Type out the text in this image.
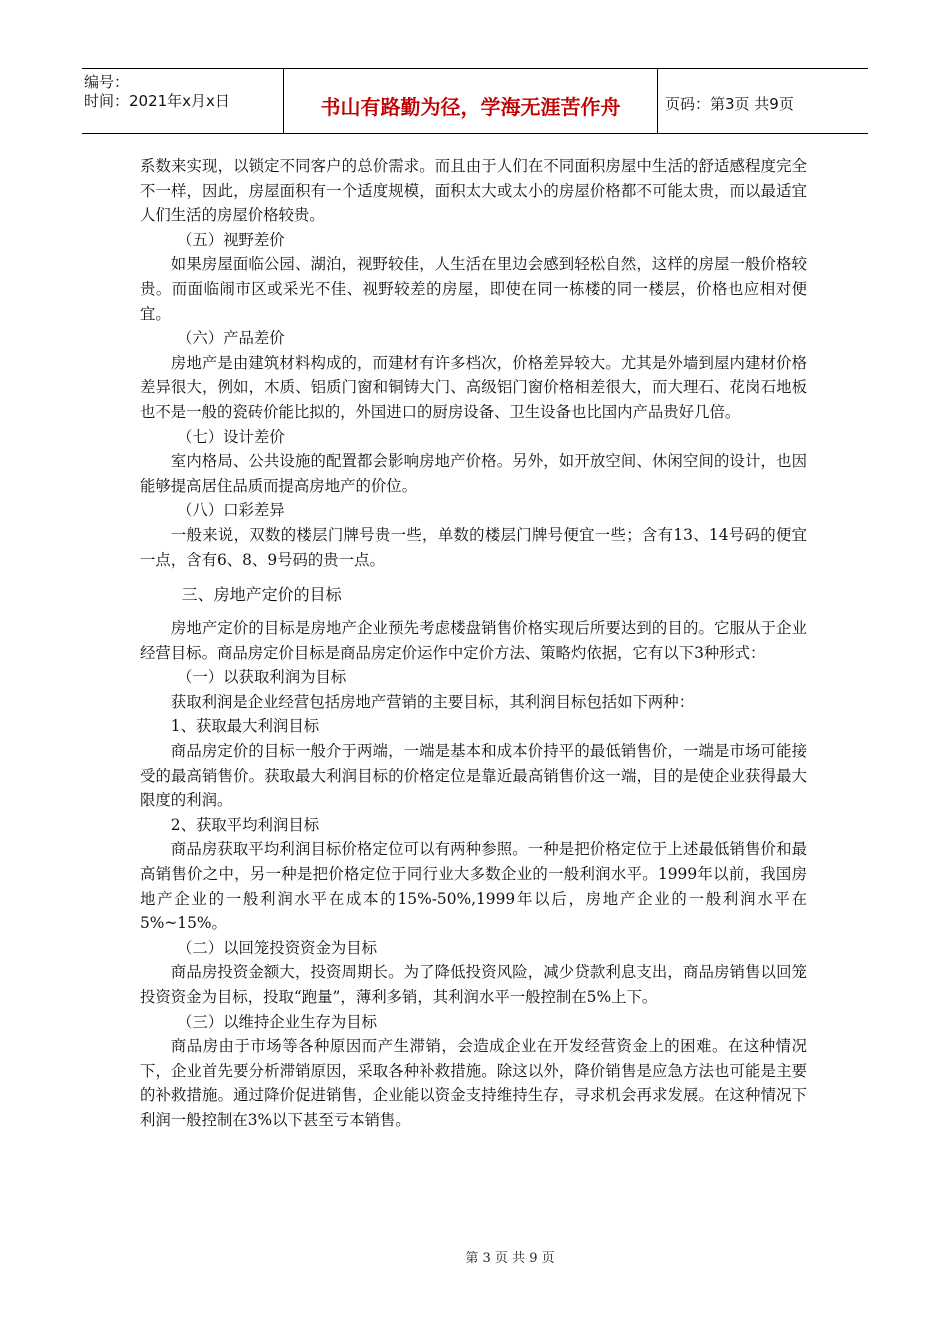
编号：
时间：2021年x月x日	书山有路勤为径，学海无涯苦作舟	页码：第3页 共9页

系数来实现，以锁定不同客户的总价需求。而且由于人们在不同面积房屋中生活的舒适感程度完全不一样，因此，房屋面积有一个适度规模，面积太大或太小的房屋价格都不可能太贵，而以最适宜人们生活的房屋价格较贵。

（五）视野差价

如果房屋面临公园、湖泊，视野较佳，人生活在里边会感到轻松自然，这样的房屋一般价格较贵。而面临闹市区或采光不佳、视野较差的房屋，即使在同一栋楼的同一楼层，价格也应相对便宜。

（六）产品差价

房地产是由建筑材料构成的，而建材有许多档次，价格差异较大。尤其是外墙到屋内建材价格差异很大，例如，木质、铝质门窗和铜铸大门、高级铝门窗价格相差很大，而大理石、花岗石地板也不是一般的瓷砖价能比拟的，外国进口的厨房设备、卫生设备也比国内产品贵好几倍。

（七）设计差价

室内格局、公共设施的配置都会影响房地产价格。另外，如开放空间、休闲空间的设计，也因能够提高居住品质而提高房地产的价位。

（八）口彩差异

一般来说，双数的楼层门牌号贵一些，单数的楼层门牌号便宜一些；含有13、14号码的便宜一点，含有6、8、9号码的贵一点。

三、房地产定价的目标

房地产定价的目标是房地产企业预先考虑楼盘销售价格实现后所要达到的目的。它服从于企业经营目标。商品房定价目标是商品房定价运作中定价方法、策略灼依据，它有以下3种形式：

（一）以获取利润为目标

获取利润是企业经营包括房地产营销的主要目标，其利润目标包括如下两种：

1、获取最大利润目标

商品房定价的目标一般介于两端，一端是基本和成本价持平的最低销售价，一端是市场可能接受的最高销售价。获取最大利润目标的价格定位是靠近最高销售价这一端，目的是使企业获得最大限度的利润。

2、获取平均利润目标

商品房获取平均利润目标价格定位可以有两种参照。一种是把价格定位于上述最低销售价和最高销售价之中，另一种是把价格定位于同行业大多数企业的一般利润水平。1999年以前，我国房地产企业的一般利润水平在成本的15%-50%,1999年以后，房地产企业的一般利润水平在5%~15%。

（二）以回笼投资资金为目标

商品房投资金额大，投资周期长。为了降低投资风险，减少贷款利息支出，商品房销售以回笼投资资金为目标，投取“跑量”，薄利多销，其利润水平一般控制在5%上下。

（三）以维持企业生存为目标

商品房由于市场等各种原因而产生滞销，会造成企业在开发经营资金上的困难。在这种情况下，企业首先要分析滞销原因，采取各种补救措施。除这以外，降价销售是应急方法也可能是主要的补救措施。通过降价促进销售，企业能以资金支持维持生存，寻求机会再求发展。在这种情况下利润一般控制在3%以下甚至亏本销售。

第 3 页 共 9 页
